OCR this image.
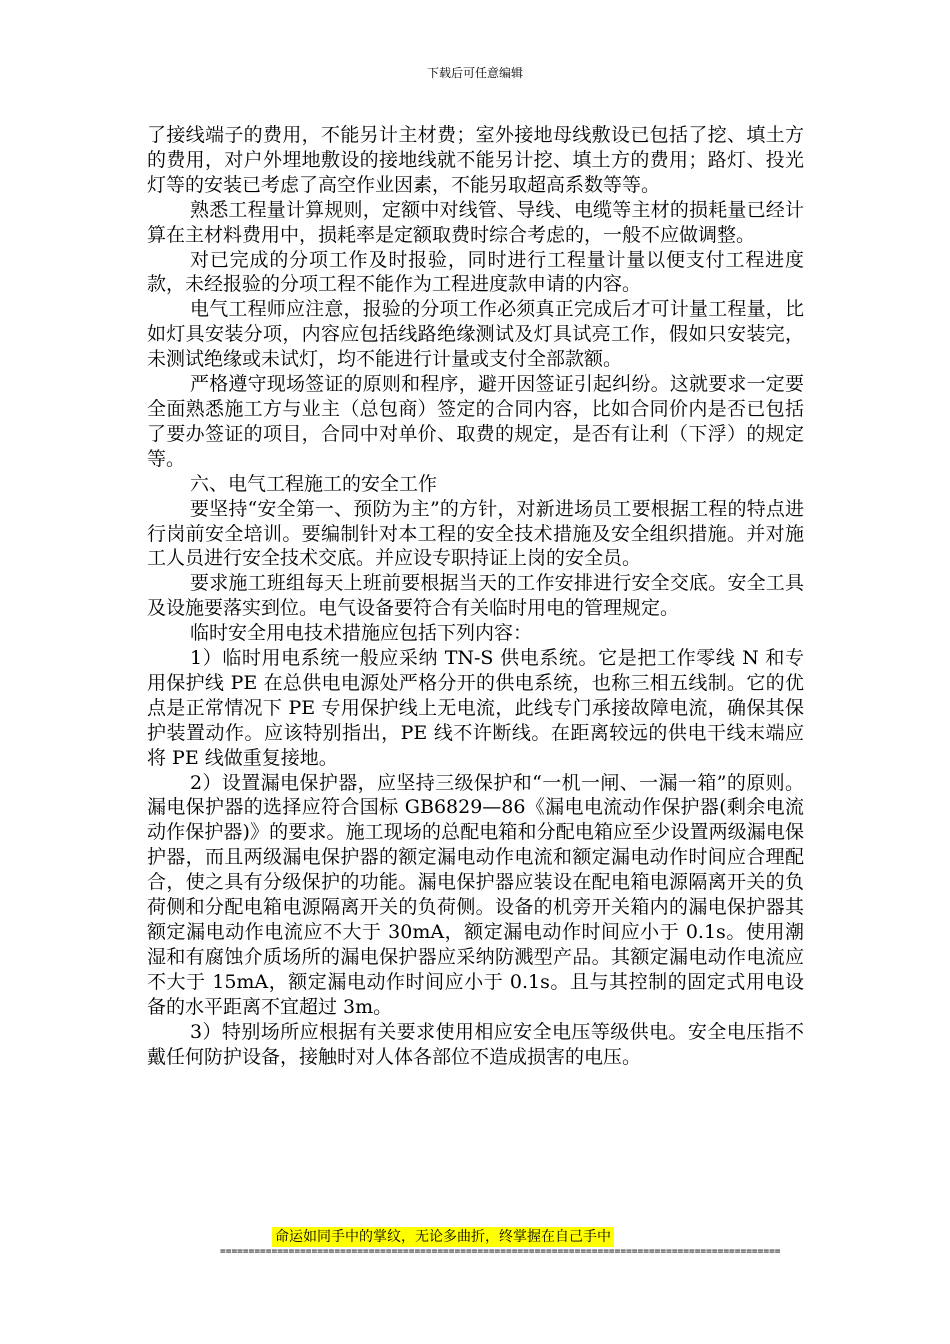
下载后可任意编辑

了接线端子的费用，不能另计主材费；室外接地母线敷设已包括了挖、填土方的费用，对户外埋地敷设的接地线就不能另计挖、填土方的费用；路灯、投光灯等的安装已考虑了高空作业因素，不能另取超高系数等等。

熟悉工程量计算规则，定额中对线管、导线、电缆等主材的损耗量已经计算在主材料费用中，损耗率是定额取费时综合考虑的，一般不应做调整。

对已完成的分项工作及时报验，同时进行工程量计量以便支付工程进度款，未经报验的分项工程不能作为工程进度款申请的内容。

电气工程师应注意，报验的分项工作必须真正完成后才可计量工程量，比如灯具安装分项，内容应包括线路绝缘测试及灯具试亮工作，假如只安装完，未测试绝缘或未试灯，均不能进行计量或支付全部款额。

严格遵守现场签证的原则和程序，避开因签证引起纠纷。这就要求一定要全面熟悉施工方与业主（总包商）签定的合同内容，比如合同价内是否已包括了要办签证的项目，合同中对单价、取费的规定，是否有让利（下浮）的规定等。

六、电气工程施工的安全工作

要坚持“安全第一、预防为主”的方针，对新进场员工要根据工程的特点进行岗前安全培训。要编制针对本工程的安全技术措施及安全组织措施。并对施工人员进行安全技术交底。并应设专职持证上岗的安全员。

要求施工班组每天上班前要根据当天的工作安排进行安全交底。安全工具及设施要落实到位。电气设备要符合有关临时用电的管理规定。

临时安全用电技术措施应包括下列内容：

1）临时用电系统一般应采纳 TN-S 供电系统。它是把工作零线 N 和专用保护线 PE 在总供电电源处严格分开的供电系统，也称三相五线制。它的优点是正常情况下 PE 专用保护线上无电流，此线专门承接故障电流，确保其保护装置动作。应该特别指出，PE 线不许断线。在距离较远的供电干线末端应将 PE 线做重复接地。

2）设置漏电保护器，应坚持三级保护和“一机一闸、一漏一箱”的原则。漏电保护器的选择应符合国标 GB6829—86《漏电电流动作保护器(剩余电流动作保护器)》的要求。施工现场的总配电箱和分配电箱应至少设置两级漏电保护器，而且两级漏电保护器的额定漏电动作电流和额定漏电动作时间应合理配合，使之具有分级保护的功能。漏电保护器应装设在配电箱电源隔离开关的负荷侧和分配电箱电源隔离开关的负荷侧。设备的机旁开关箱内的漏电保护器其额定漏电动作电流应不大于 30mA，额定漏电动作时间应小于 0.1s。使用潮湿和有腐蚀介质场所的漏电保护器应采纳防溅型产品。其额定漏电动作电流应不大于 15mA，额定漏电动作时间应小于 0.1s。且与其控制的固定式用电设备的水平距离不宜超过 3m。

3）特别场所应根据有关要求使用相应安全电压等级供电。安全电压指不戴任何防护设备，接触时对人体各部位不造成损害的电压。

命运如同手中的掌纹，无论多曲折，终掌握在自己手中
==================================================================================================
